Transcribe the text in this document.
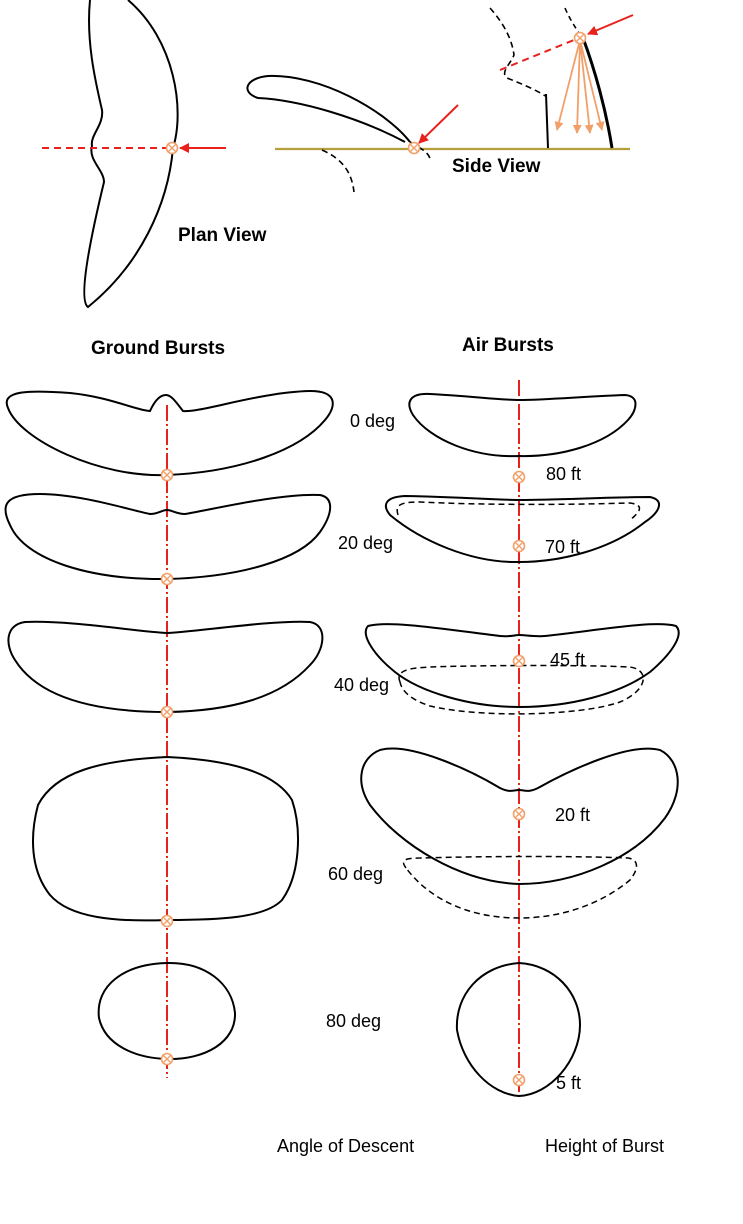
Plan View
Side View
Ground Bursts	Air Bursts
0 deg
20 deg
40 deg
60 deg
80 deg
80 ft
70 ft
45 ft
20 ft
5 ft
Angle of Descent	Height of Burst
